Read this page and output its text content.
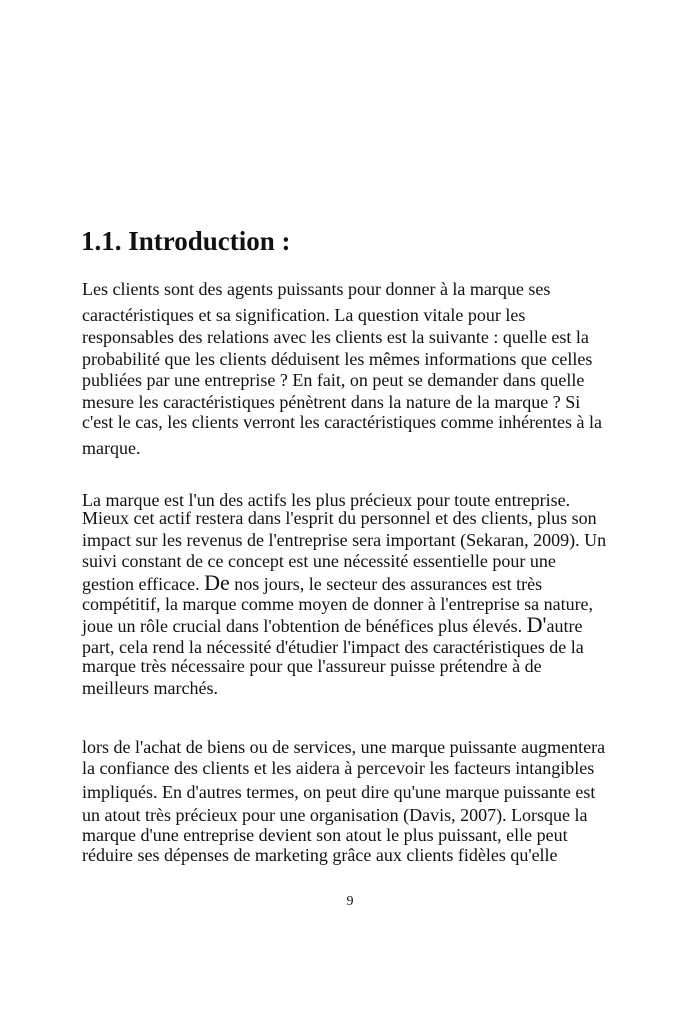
1.1. Introduction :
Les clients sont des agents puissants pour donner à la marque ses
caractéristiques et sa signification. La question vitale pour les
responsables des relations avec les clients est la suivante : quelle est la
probabilité que les clients déduisent les mêmes informations que celles
publiées par une entreprise ? En fait, on peut se demander dans quelle
mesure les caractéristiques pénètrent dans la nature de la marque ? Si
c'est le cas, les clients verront les caractéristiques comme inhérentes à la
marque.
La marque est l'un des actifs les plus précieux pour toute entreprise.
Mieux cet actif restera dans l'esprit du personnel et des clients, plus son
impact sur les revenus de l'entreprise sera important (Sekaran, 2009). Un
suivi constant de ce concept est une nécessité essentielle pour une
gestion efficace. De nos jours, le secteur des assurances est très
compétitif, la marque comme moyen de donner à l'entreprise sa nature,
joue un rôle crucial dans l'obtention de bénéfices plus élevés. D'autre
part, cela rend la nécessité d'étudier l'impact des caractéristiques de la
marque très nécessaire pour que l'assureur puisse prétendre à de
meilleurs marchés.
lors de l'achat de biens ou de services, une marque puissante augmentera
la confiance des clients et les aidera à percevoir les facteurs intangibles
impliqués. En d'autres termes, on peut dire qu'une marque puissante est
un atout très précieux pour une organisation (Davis, 2007). Lorsque la
marque d'une entreprise devient son atout le plus puissant, elle peut
réduire ses dépenses de marketing grâce aux clients fidèles qu'elle
9
